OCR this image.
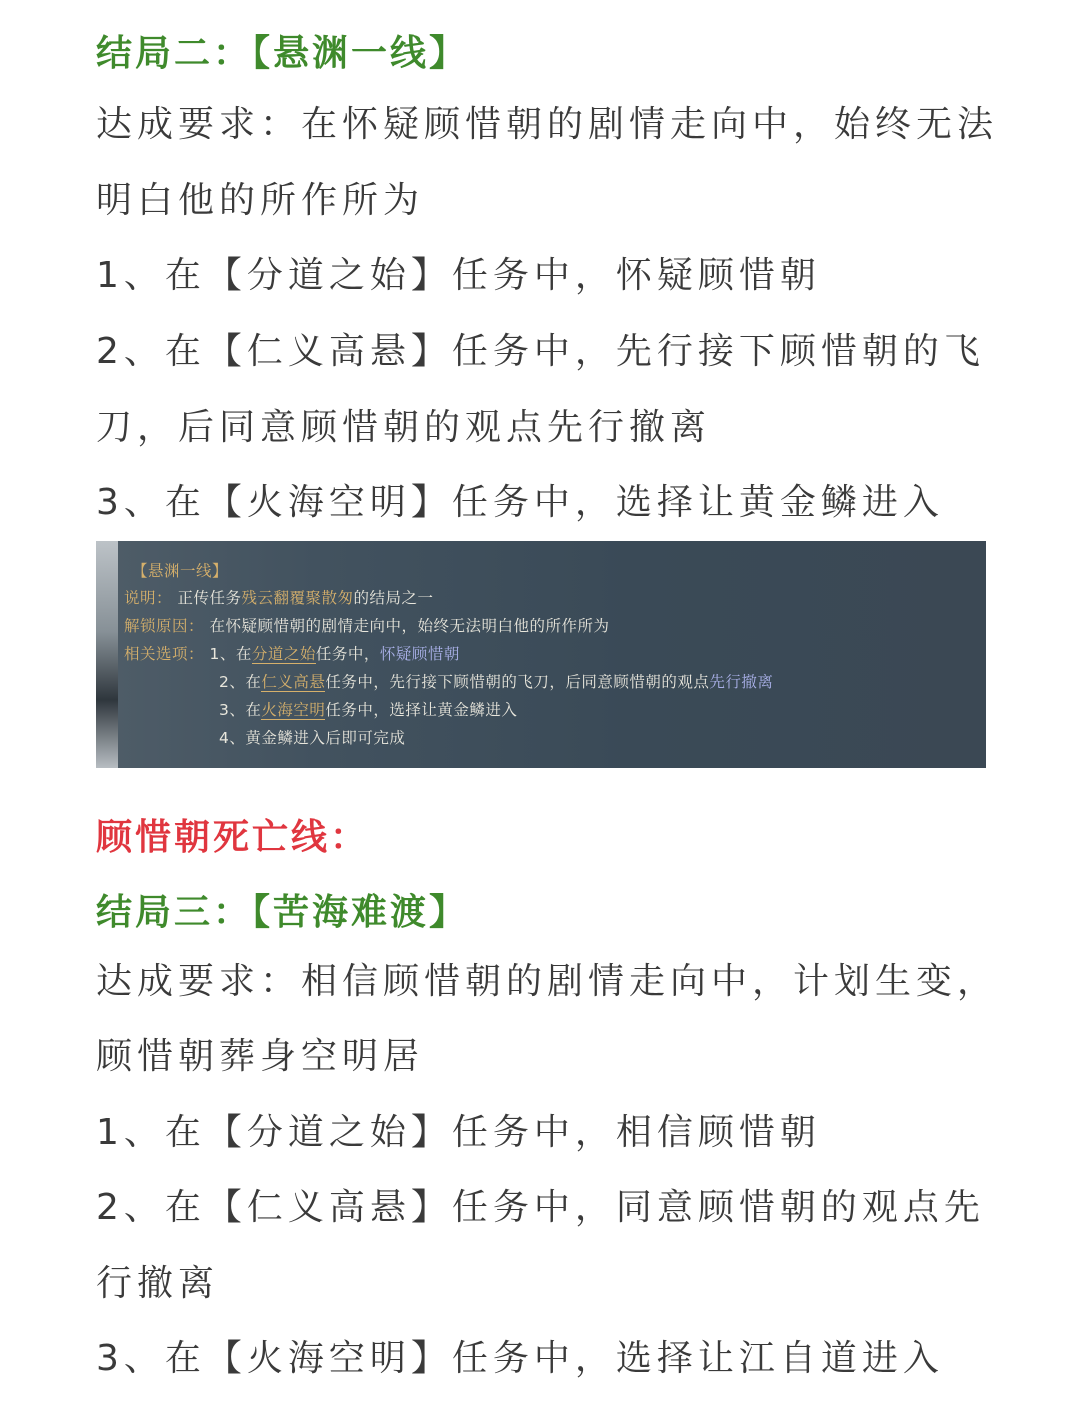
结局二：【悬渊一线】
达成要求：在怀疑顾惜朝的剧情走向中，始终无法
明白他的所作所为
1、在【分道之始】任务中，怀疑顾惜朝
2、在【仁义高悬】任务中，先行接下顾惜朝的飞
刀，后同意顾惜朝的观点先行撤离
3、在【火海空明】任务中，选择让黄金鳞进入
【悬渊一线】
说明： 正传任务残云翻覆聚散匆的结局之一
解锁原因： 在怀疑顾惜朝的剧情走向中，始终无法明白他的所作所为
相关选项： 1、在分道之始任务中，怀疑顾惜朝
2、在仁义高悬任务中，先行接下顾惜朝的飞刀，后同意顾惜朝的观点先行撤离
3、在火海空明任务中，选择让黄金鳞进入
4、黄金鳞进入后即可完成
顾惜朝死亡线：
结局三：【苦海难渡】
达成要求：相信顾惜朝的剧情走向中，计划生变，
顾惜朝葬身空明居
1、在【分道之始】任务中，相信顾惜朝
2、在【仁义高悬】任务中，同意顾惜朝的观点先
行撤离
3、在【火海空明】任务中，选择让江自道进入
